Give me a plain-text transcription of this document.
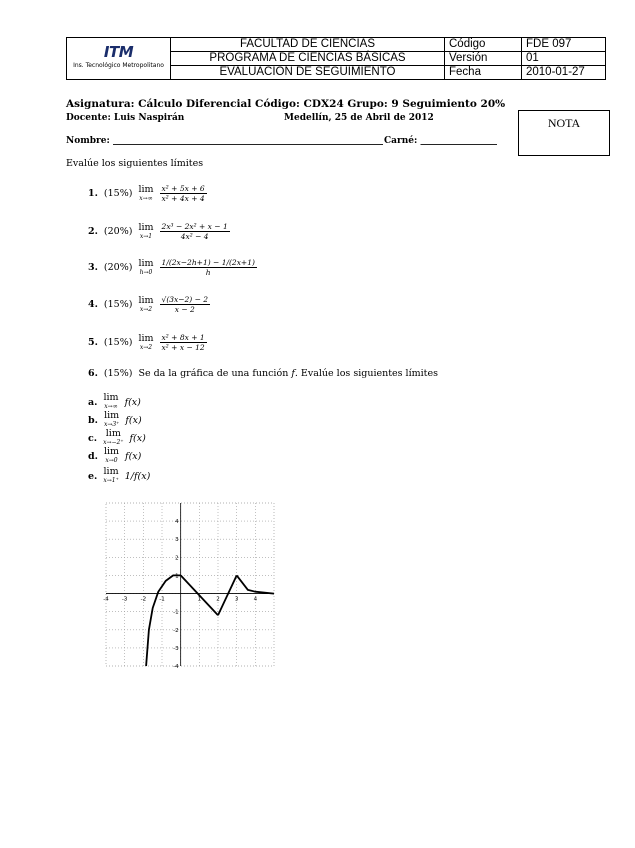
ITM
Ins. Tecnológico Metropolitano	FACULTAD DE CIENCIAS	Código	FDE 097
	PROGRAMA DE CIENCIAS BÁSICAS	Versión	01
	EVALUACION DE SEGUIMIENTO	Fecha	2010-01-27
Asignatura: Cálculo Diferencial Código: CDX24 Grupo: 9 Seguimiento 20%
Docente: Luis Naspirán	Medellín, 25 de Abril de 2012	NOTA
Nombre: ____________________________________________________________ Carné: _________________
Evalúe los siguientes límites
1. (15%) lim
$x\to\infty \frac{\text{x² + 5x + 6}}{\text{x² + 4x + 4}}$
2. (20%) lim
$x\to 1 \frac{\text{2x³ − 2x² + x − 1}}{\text{4x² − 4}}$
3. (20%) lim
$h\to 0 \frac{1/(2x-2h+1) - 1/(2x+1)}{h}$
4. (15%) lim
$x\to 2 \frac{√(3x-2) - 2}{x - 2}$
5. (15%) lim
$x\to 2 \frac{\text{x² + 8x + 1}}{\text{x² + x − 12}}$
6. (15%) Se da la gráfica de una función f. Evalúe los siguientes límites
a. lim
x→∞ f(x)
b. lim
x→3⁺ f(x)
c. lim
x→−2⁺ f(x)
d. lim
x→0 f(x)
e. lim
x→1⁺ 1/f(x)
-4 -3 -2 -1	1	2	3	4
4
3
2
1
-1
-2
-3
-4
